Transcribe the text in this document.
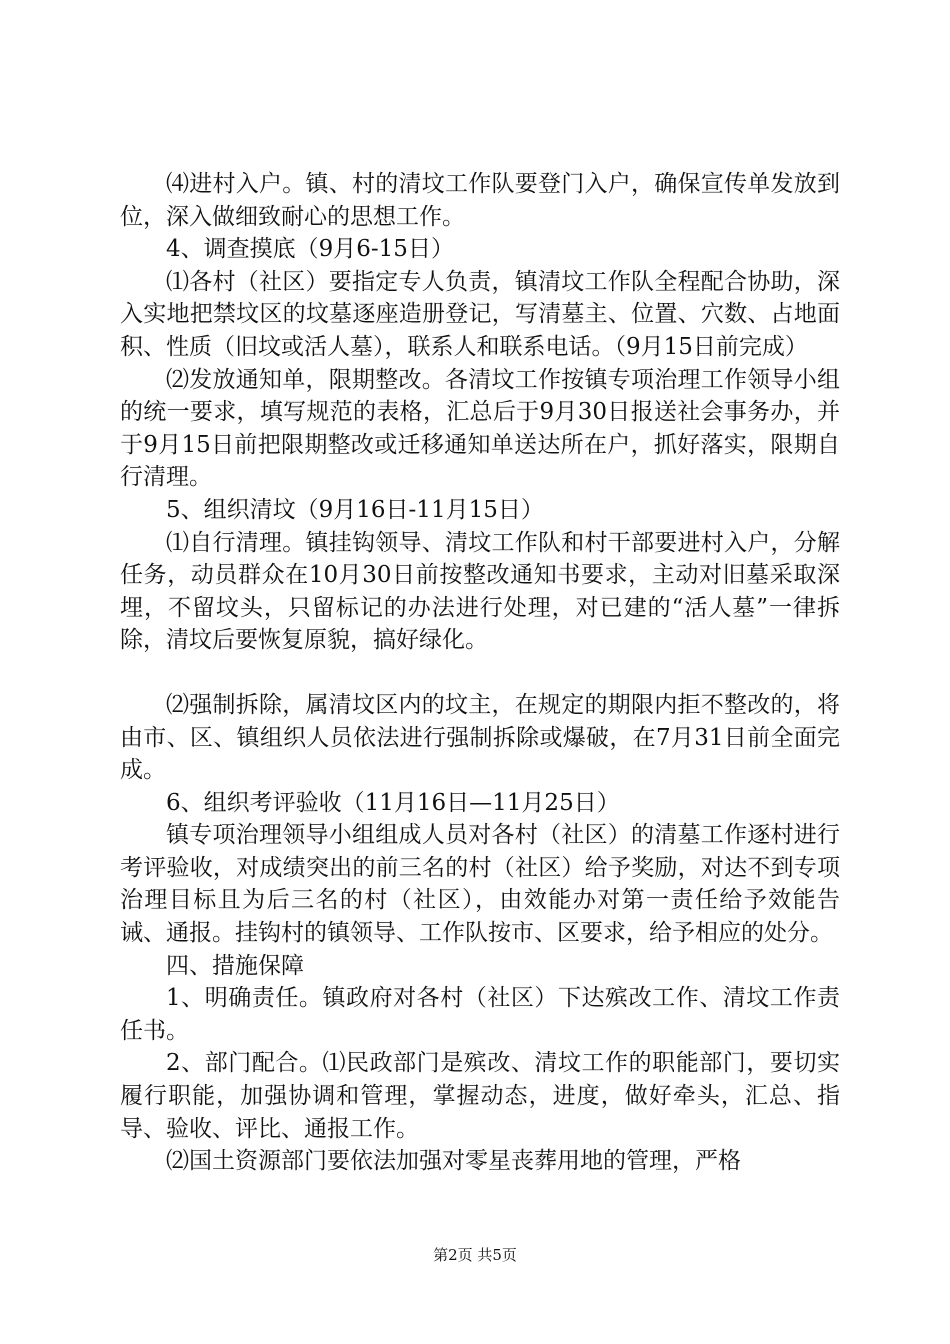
⑷进村入户。镇、村的清坟工作队要登门入户，确保宣传单发放到位，深入做细致耐心的思想工作。

4、调查摸底（9月6-15日）

⑴各村（社区）要指定专人负责，镇清坟工作队全程配合协助，深入实地把禁坟区的坟墓逐座造册登记，写清墓主、位置、穴数、占地面积、性质（旧坟或活人墓），联系人和联系电话。（9月15日前完成）

⑵发放通知单，限期整改。各清坟工作按镇专项治理工作领导小组的统一要求，填写规范的表格，汇总后于9月30日报送社会事务办，并于9月15日前把限期整改或迁移通知单送达所在户，抓好落实，限期自行清理。

5、组织清坟（9月16日-11月15日）

⑴自行清理。镇挂钩领导、清坟工作队和村干部要进村入户，分解任务，动员群众在10月30日前按整改通知书要求，主动对旧墓采取深埋，不留坟头，只留标记的办法进行处理，对已建的“活人墓”一律拆除，清坟后要恢复原貌，搞好绿化。

⑵强制拆除，属清坟区内的坟主，在规定的期限内拒不整改的，将由市、区、镇组织人员依法进行强制拆除或爆破，在7月31日前全面完成。

6、组织考评验收（11月16日—11月25日）

镇专项治理领导小组组成人员对各村（社区）的清墓工作逐村进行考评验收，对成绩突出的前三名的村（社区）给予奖励，对达不到专项治理目标且为后三名的村（社区），由效能办对第一责任给予效能告诫、通报。挂钩村的镇领导、工作队按市、区要求，给予相应的处分。

四、措施保障

1、明确责任。镇政府对各村（社区）下达殡改工作、清坟工作责任书。

2、部门配合。⑴民政部门是殡改、清坟工作的职能部门，要切实履行职能，加强协调和管理，掌握动态，进度，做好牵头，汇总、指导、验收、评比、通报工作。

⑵国土资源部门要依法加强对零星丧葬用地的管理，严格

第2页 共5页
